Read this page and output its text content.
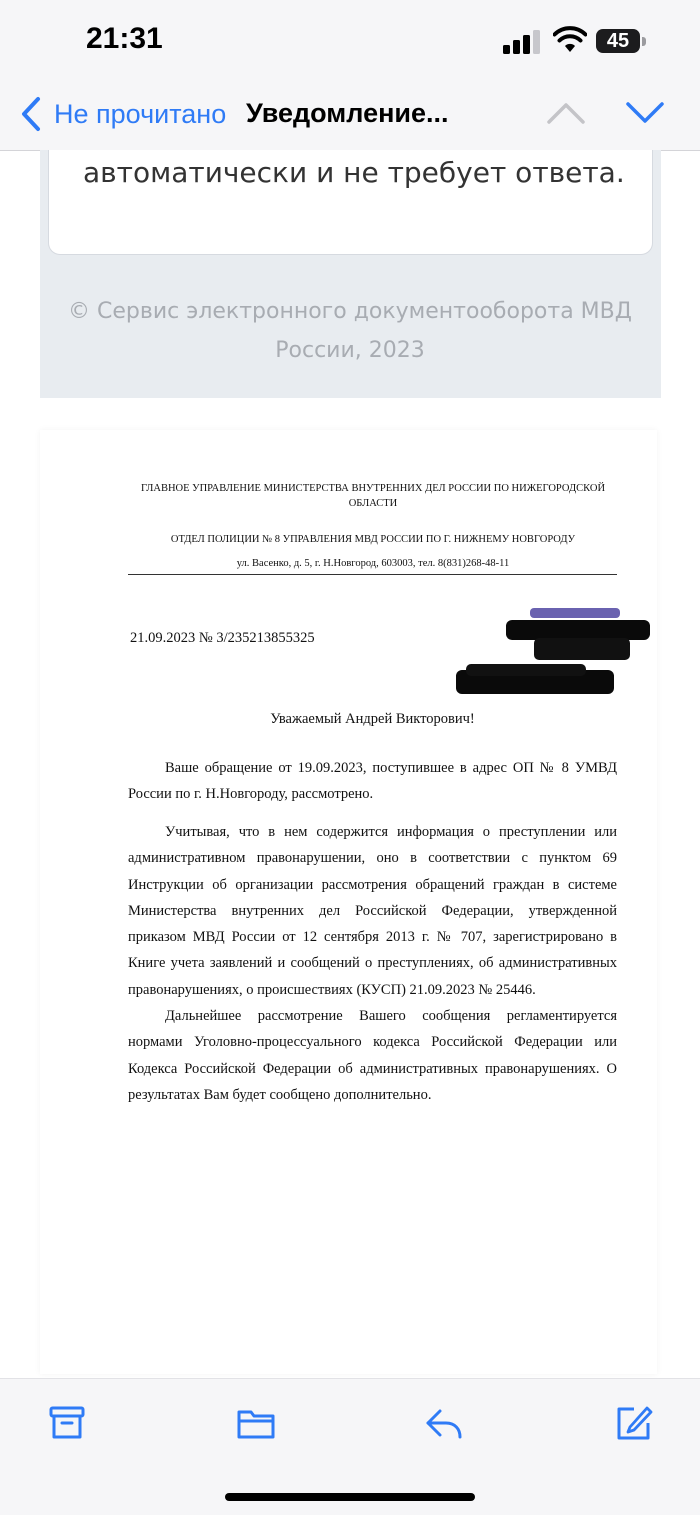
21:31	45
Не прочитано Уведомление...
автоматически и не требует ответа.
© Сервис электронного документооборота МВД России, 2023
ГЛАВНОЕ УПРАВЛЕНИЕ МИНИСТЕРСТВА ВНУТРЕННИХ ДЕЛ РОССИИ ПО НИЖЕГОРОДСКОЙ ОБЛАСТИ
ОТДЕЛ ПОЛИЦИИ № 8 УПРАВЛЕНИЯ МВД РОССИИ ПО Г. НИЖНЕМУ НОВГОРОДУ
ул. Васенко, д. 5, г. Н.Новгород, 603003, тел. 8(831)268-48-11
21.09.2023 № 3/235213855325
Уважаемый Андрей Викторович!

Ваше обращение от 19.09.2023, поступившее в адрес ОП № 8 УМВД России по г. Н.Новгороду, рассмотрено.

Учитывая, что в нем содержится информация о преступлении или административном правонарушении, оно в соответствии с пунктом 69 Инструкции об организации рассмотрения обращений граждан в системе Министерства внутренних дел Российской Федерации, утвержденной приказом МВД России от 12 сентября 2013 г. № 707, зарегистрировано в Книге учета заявлений и сообщений о преступлениях, об административных правонарушениях, о происшествиях (КУСП) 21.09.2023 № 25446.

Дальнейшее рассмотрение Вашего сообщения регламентируется нормами Уголовно-процессуального кодекса Российской Федерации или Кодекса Российской Федерации об административных правонарушениях. О результатах Вам будет сообщено дополнительно.
